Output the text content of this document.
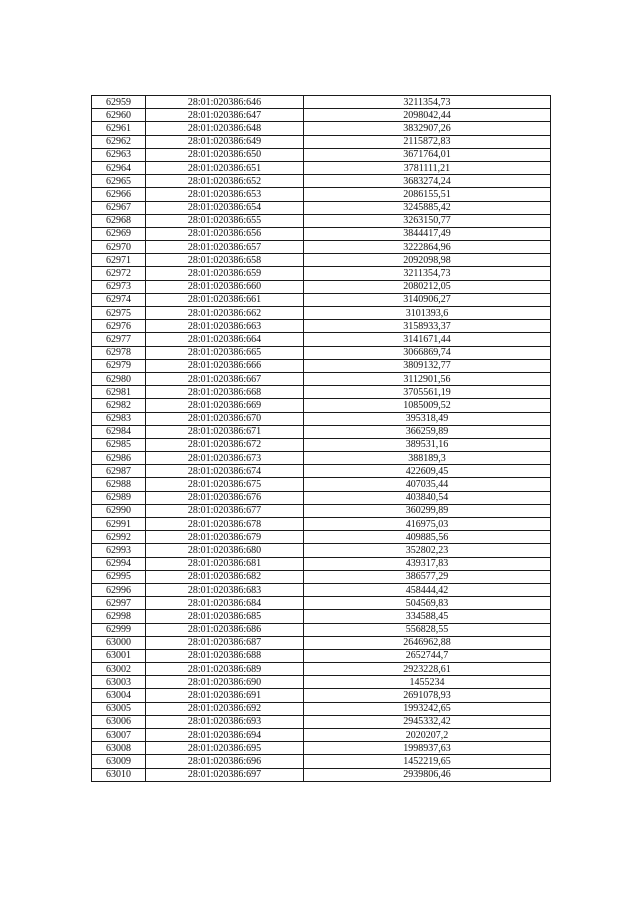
62959	28:01:020386:646	3211354,73
62960	28:01:020386:647	2098042,44
62961	28:01:020386:648	3832907,26
62962	28:01:020386:649	2115872,83
62963	28:01:020386:650	3671764,01
62964	28:01:020386:651	3781111,21
62965	28:01:020386:652	3683274,24
62966	28:01:020386:653	2086155,51
62967	28:01:020386:654	3245885,42
62968	28:01:020386:655	3263150,77
62969	28:01:020386:656	3844417,49
62970	28:01:020386:657	3222864,96
62971	28:01:020386:658	2092098,98
62972	28:01:020386:659	3211354,73
62973	28:01:020386:660	2080212,05
62974	28:01:020386:661	3140906,27
62975	28:01:020386:662	3101393,6
62976	28:01:020386:663	3158933,37
62977	28:01:020386:664	3141671,44
62978	28:01:020386:665	3066869,74
62979	28:01:020386:666	3809132,77
62980	28:01:020386:667	3112901,56
62981	28:01:020386:668	3705561,19
62982	28:01:020386:669	1085009,52
62983	28:01:020386:670	395318,49
62984	28:01:020386:671	366259,89
62985	28:01:020386:672	389531,16
62986	28:01:020386:673	388189,3
62987	28:01:020386:674	422609,45
62988	28:01:020386:675	407035,44
62989	28:01:020386:676	403840,54
62990	28:01:020386:677	360299,89
62991	28:01:020386:678	416975,03
62992	28:01:020386:679	409885,56
62993	28:01:020386:680	352802,23
62994	28:01:020386:681	439317,83
62995	28:01:020386:682	386577,29
62996	28:01:020386:683	458444,42
62997	28:01:020386:684	504569,83
62998	28:01:020386:685	334588,45
62999	28:01:020386:686	556828,55
63000	28:01:020386:687	2646962,88
63001	28:01:020386:688	2652744,7
63002	28:01:020386:689	2923228,61
63003	28:01:020386:690	1455234
63004	28:01:020386:691	2691078,93
63005	28:01:020386:692	1993242,65
63006	28:01:020386:693	2945332,42
63007	28:01:020386:694	2020207,2
63008	28:01:020386:695	1998937,63
63009	28:01:020386:696	1452219,65
63010	28:01:020386:697	2939806,46
